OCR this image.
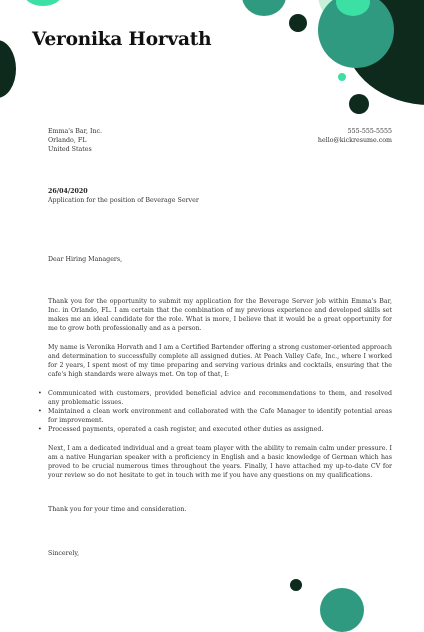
Veronika Horvath
Emma's Bar, Inc.
Orlando, FL
United States
555-555-5555
hello@kickresume.com
26/04/2020
Application for the position of Beverage Server

Dear Hiring Managers,

Thank you for the opportunity to submit my application for the Beverage Server job within Emma's Bar, Inc. in Orlando, FL. I am certain that the combination of my previous experience and developed skills set makes me an ideal candidate for the role. What is more, I believe that it would be a great opportunity for me to grow both professionally and as a person.

My name is Veronika Horvath and I am a Certified Bartender offering a strong customer-oriented approach and determination to successfully complete all assigned duties. At Peach Valley Cafe, Inc., where I worked for 2 years, I spent most of my time preparing and serving various drinks and cocktails, ensuring that the cafe's high standards were always met. On top of that, I:

• Communicated with customers, provided beneficial advice and recommendations to them, and resolved any problematic issues.
• Maintained a clean work environment and collaborated with the Cafe Manager to identify potential areas for improvement.
• Processed payments, operated a cash register, and executed other duties as assigned.

Next, I am a dedicated individual and a great team player with the ability to remain calm under pressure. I am a native Hungarian speaker with a proficiency in English and a basic knowledge of German which has proved to be crucial numerous times throughout the years. Finally, I have attached my up-to-date CV for your review so do not hesitate to get in touch with me if you have any questions on my qualifications.

Thank you for your time and consideration.

Sincerely,
